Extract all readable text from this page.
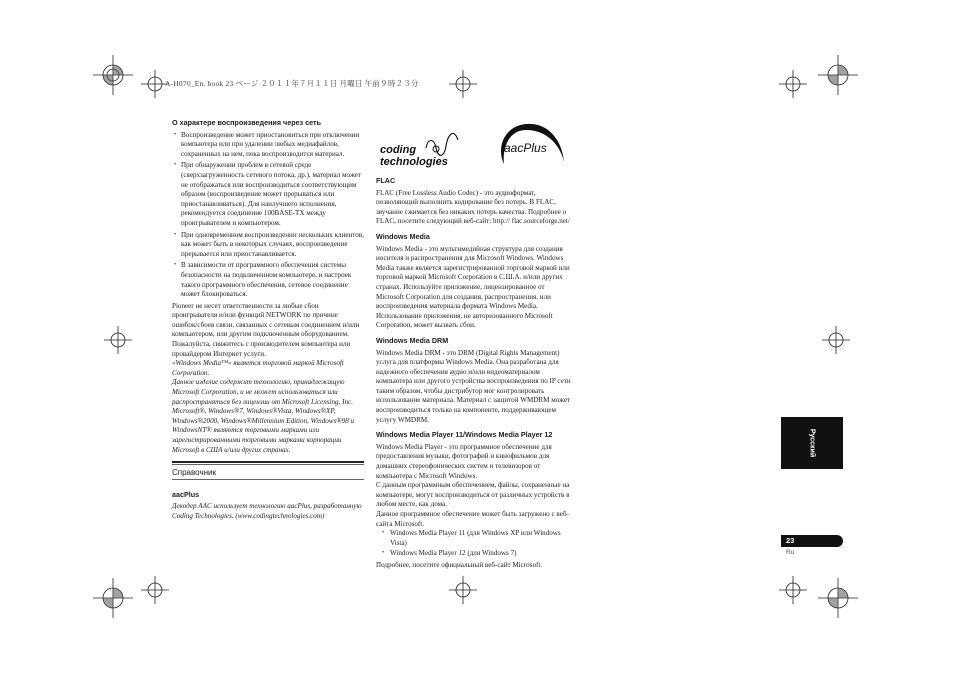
A-H070_En. book 23 ページ ２０１１年７月１１日 月曜日 午前９時２３分
О характере воспроизведения через сеть
• Воспроизведение может приостановиться при отключении компьютера или при удалении любых медиафайлов, сохраненных на нем, пока воспроизводится материал.
• При обнаружении проблем в сетевой среде (сверхзагруженность сетевого потока, др.), материал может не отображаться или воспроизводиться соответствующим образом (воспроизведение может прерываться или приостанавливаться). Для наилучшего исполнения, рекомендуется соединение 100BASE-TX между проигрывателем и компьютером.
• При одновременном воспроизведении нескольких клиентов, как может быть в некоторых случаях, воспроизведение прерывается или приостанавливается.
• В зависимости от программного обеспечения системы безопасности на подключенном компьютере, и настроек такого программного обеспечения, сетевое соединение может блокироваться.

Pioneer не несет ответственности за любые сбои проигрывателя и/или функций NETWORK по причине ошибок/сбоев связи, связанных с сетевым соединением и/или компьютером, или другим подключенным оборудованием. Пожалуйста, свяжитесь с производителем компьютера или провайдером Интернет услуги.

«Windows Media™» является торговой маркой Microsoft Corporation.

Данное изделие содержит технологию, принадлежащую Microsoft Corporation, и не может использоваться или распространяться без лицензии от Microsoft Licensing, Inc.

Microsoft®, Windows®7, Windows®Vista, Windows®XP, Windows®2000, Windows®Millennium Edition, Windows®98 и WindowsNT® являются торговыми марками или зарегистрированными торговыми марками корпорации Microsoft в США и/или других странах.

Справочник
aacPlus

Декодер AAC использует технологию aacPlus, разработанную Coding Technologies. (www.codingtechnologies.com)

coding
technologies
aacPlus
FLAC

FLAC (Free Lossless Audio Codec) - это аудиоформат, позволяющий выполнить кодирование без потерь. В FLAC, звучание сжимается без никаких потерь качества. Подробнее о FLAC, посетите следующий веб-сайт: http:// flac.sourceforge.net/

Windows Media

Windows Media - это мультимедийная структура для создания носителя и распространения для Microsoft Windows. Windows Media также является зарегистрированной торговой маркой или торговой маркой Microsoft Corporation в С.Ш.А. и/или других странах. Используйте приложение, лицензированное от Microsoft Corporation для создания, распространения, или воспроизведения материала формата Windows Media. Использование приложения, не авторизованного Microsoft Corporation, может вызвать сбои.

Windows Media DRM

Windows Media DRM - это DRM (Digital Rights Management) услуга для платформы Windows Media. Она разработана для надежного обеспечения аудио и/или видеоматериалом компьютера или другого устройства воспроизведения по IP сети таким образом, чтобы дистрибутор мог контролировать использование материала. Материал с защитой WMDRM может воспроизводиться только на компоненте, поддерживающем услугу WMDRM.

Windows Media Player 11/Windows Media Player 12

Windows Media Player - это программное обеспечение для предоставления музыки, фотографий и кинофильмов для домашних стереофонических систем и телевизоров от компьютера с Microsoft Windows.

С данным программным обеспечением, файлы, сохраненные на компьютере, могут воспроизводиться от различных устройств в любом месте, как дома.

Данное программное обеспечение может быть загружено с веб-сайта Microsoft.

• Windows Media Player 11 (для Windows XP или Windows Vista)
• Windows Media Player 12 (для Windows 7)

Подробнее, посетите официальный веб-сайт Microsoft.

Русский
23
Ru
